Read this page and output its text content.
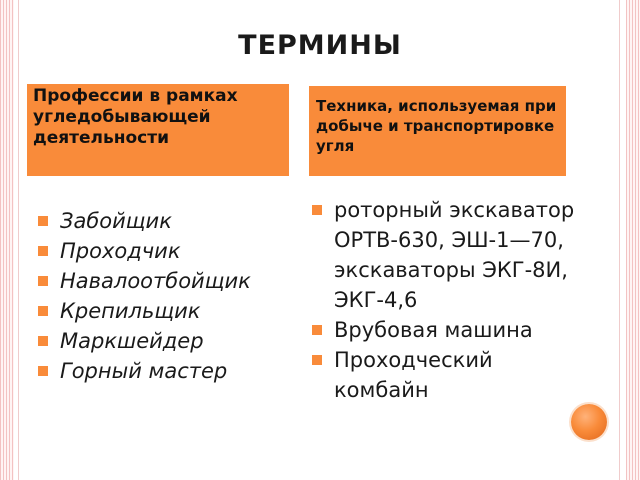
ТЕРМИНЫ
Профессии в рамках угледобывающей деятельности
Техника, используемая при добыче и транспортировке угля
Забойщик
Проходчик
Навалоотбойщик
Крепильщик
Маркшейдер
Горный мастер
роторный экскаватор ОРТВ-630, ЭШ-1—70, экскаваторы ЭКГ-8И, ЭКГ-4,6
Врубовая машина
Проходческий комбайн
